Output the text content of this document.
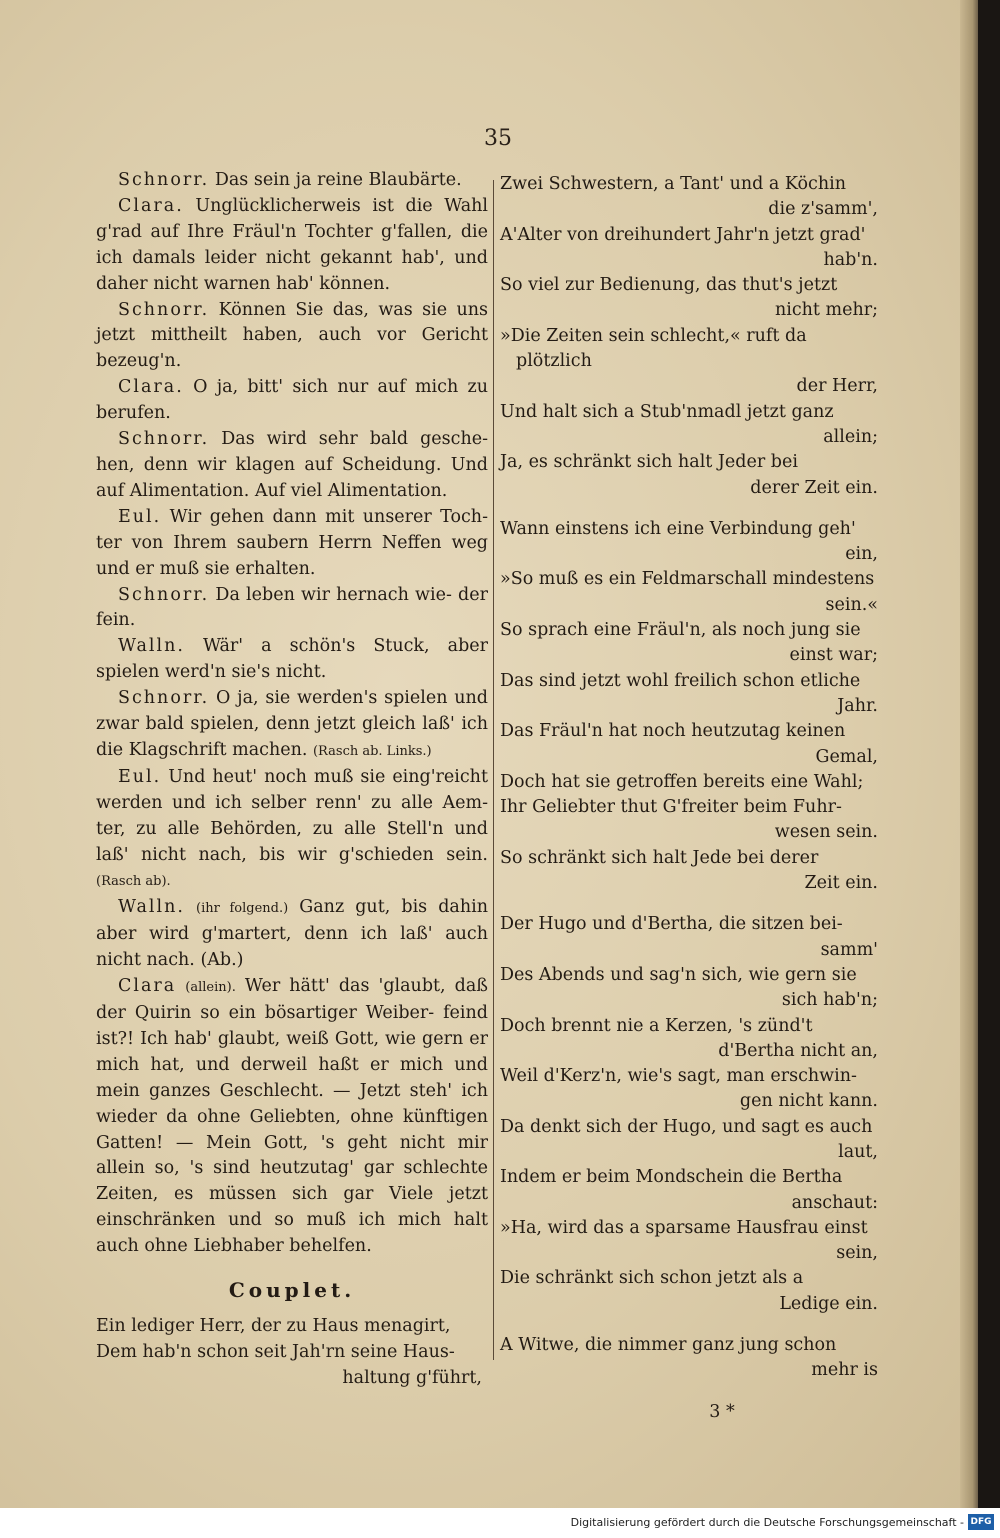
35

Schnorr. Das sein ja reine Blaubärte.

Clara. Unglücklicherweis ist die Wahl g'rad auf Ihre Fräul'n Tochter g'fallen, die ich damals leider nicht gekannt hab', und daher nicht warnen hab' können.

Schnorr. Können Sie das, was sie uns jetzt mittheilt haben, auch vor Gericht bezeug'n.

Clara. O ja, bitt' sich nur auf mich zu berufen.

Schnorr. Das wird sehr bald gesche- hen, denn wir klagen auf Scheidung. Und auf Alimentation. Auf viel Alimentation.

Eul. Wir gehen dann mit unserer Toch- ter von Ihrem saubern Herrn Neffen weg und er muß sie erhalten.

Schnorr. Da leben wir hernach wie- der fein.

Walln. Wär' a schön's Stuck, aber spielen werd'n sie's nicht.

Schnorr. O ja, sie werden's spielen und zwar bald spielen, denn jetzt gleich laß' ich die Klagschrift machen. (Rasch ab. Links.)

Eul. Und heut' noch muß sie eing'reicht werden und ich selber renn' zu alle Aem- ter, zu alle Behörden, zu alle Stell'n und laß' nicht nach, bis wir g'schieden sein. (Rasch ab).

Walln. (ihr folgend.) Ganz gut, bis dahin aber wird g'martert, denn ich laß' auch nicht nach. (Ab.)

Clara (allein). Wer hätt' das 'glaubt, daß der Quirin so ein bösartiger Weiber- feind ist?! Ich hab' glaubt, weiß Gott, wie gern er mich hat, und derweil haßt er mich und mein ganzes Geschlecht. — Jetzt steh' ich wieder da ohne Geliebten, ohne künftigen Gatten! — Mein Gott, 's geht nicht mir allein so, 's sind heutzutag' gar schlechte Zeiten, es müssen sich gar Viele jetzt einschränken und so muß ich mich halt auch ohne Liebhaber behelfen.

Couplet.

Ein lediger Herr, der zu Haus menagirt,

Dem hab'n schon seit Jah'rn seine Haus-

haltung g'führt,

Zwei Schwestern, a Tant' und a Köchin

die z'samm',

A'Alter von dreihundert Jahr'n jetzt grad'

hab'n.

So viel zur Bedienung, das thut's jetzt

nicht mehr;

»Die Zeiten sein schlecht,« ruft da plötzlich

der Herr,

Und halt sich a Stub'nmadl jetzt ganz

allein;

Ja, es schränkt sich halt Jeder bei

derer Zeit ein.

Wann einstens ich eine Verbindung geh'

ein,

»So muß es ein Feldmarschall mindestens

sein.«

So sprach eine Fräul'n, als noch jung sie

einst war;

Das sind jetzt wohl freilich schon etliche

Jahr.

Das Fräul'n hat noch heutzutag keinen

Gemal,

Doch hat sie getroffen bereits eine Wahl;

Ihr Geliebter thut G'freiter beim Fuhr-

wesen sein.

So schränkt sich halt Jede bei derer

Zeit ein.

Der Hugo und d'Bertha, die sitzen bei-

samm'

Des Abends und sag'n sich, wie gern sie

sich hab'n;

Doch brennt nie a Kerzen, 's zünd't

d'Bertha nicht an,

Weil d'Kerz'n, wie's sagt, man erschwin-

gen nicht kann.

Da denkt sich der Hugo, und sagt es auch

laut,

Indem er beim Mondschein die Bertha

anschaut:

»Ha, wird das a sparsame Hausfrau einst

sein,

Die schränkt sich schon jetzt als a

Ledige ein.

A Witwe, die nimmer ganz jung schon

mehr is

3 *
Digitalisierung gefördert durch die Deutsche Forschungsgemeinschaft - DFG
